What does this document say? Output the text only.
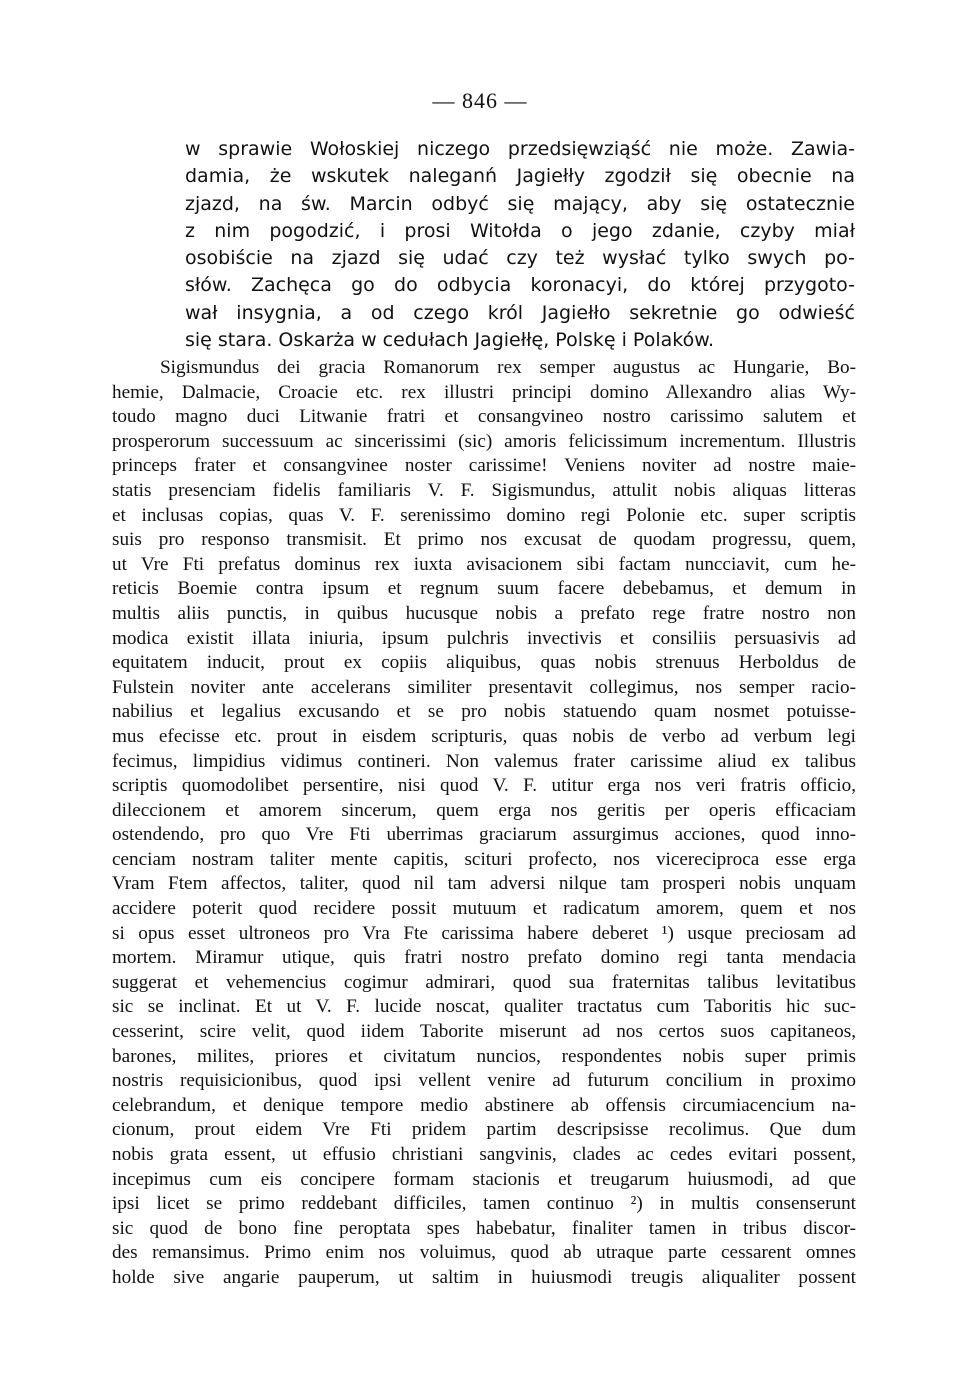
— 846 —
w sprawie Wołoskiej niczego przedsięwziąść nie może. Zawia-
damia, że wskutek naleganń Jagiełły zgodził się obecnie na
zjazd, na św. Marcin odbyć się mający, aby się ostatecznie
z nim pogodzić, i prosi Witołda o jego zdanie, czyby miał
osobiście na zjazd się udać czy też wysłać tylko swych po-
słów. Zachęca go do odbycia koronacyi, do której przygoto-
wał insygnia, a od czego król Jagiełło sekretnie go odwieść
się stara. Oskarża w cedułach Jagiełłę, Polskę i Polaków.
Sigismundus dei gracia Romanorum rex semper augustus ac Hungarie, Bo-
hemie, Dalmacie, Croacie etc. rex illustri principi domino Allexandro alias Wy-
toudo magno duci Litwanie fratri et consangvineo nostro carissimo salutem et
prosperorum successuum ac sincerissimi (sic) amoris felicissimum incrementum. Illustris
princeps frater et consangvinee noster carissime! Veniens noviter ad nostre maie-
statis presenciam fidelis familiaris V. F. Sigismundus, attulit nobis aliquas litteras
et inclusas copias, quas V. F. serenissimo domino regi Polonie etc. super scriptis
suis pro responso transmisit. Et primo nos excusat de quodam progressu, quem,
ut Vre Fti prefatus dominus rex iuxta avisacionem sibi factam nuncciavit, cum he-
reticis Boemie contra ipsum et regnum suum facere debebamus, et demum in
multis aliis punctis, in quibus hucusque nobis a prefato rege fratre nostro non
modica existit illata iniuria, ipsum pulchris invectivis et consiliis persuasivis ad
equitatem inducit, prout ex copiis aliquibus, quas nobis strenuus Herboldus de
Fulstein noviter ante accelerans similiter presentavit collegimus, nos semper racio-
nabilius et legalius excusando et se pro nobis statuendo quam nosmet potuisse-
mus efecisse etc. prout in eisdem scripturis, quas nobis de verbo ad verbum legi
fecimus, limpidius vidimus contineri. Non valemus frater carissime aliud ex talibus
scriptis quomodolibet persentire, nisi quod V. F. utitur erga nos veri fratris officio,
dileccionem et amorem sincerum, quem erga nos geritis per operis efficaciam
ostendendo, pro quo Vre Fti uberrimas graciarum assurgimus acciones, quod inno-
cenciam nostram taliter mente capitis, scituri profecto, nos vicereciproca esse erga
Vram Ftem affectos, taliter, quod nil tam adversi nilque tam prosperi nobis unquam
accidere poterit quod recidere possit mutuum et radicatum amorem, quem et nos
si opus esset ultroneos pro Vra Fte carissima habere deberet ¹) usque preciosam ad
mortem. Miramur utique, quis fratri nostro prefato domino regi tanta mendacia
suggerat et vehemencius cogimur admirari, quod sua fraternitas talibus levitatibus
sic se inclinat. Et ut V. F. lucide noscat, qualiter tractatus cum Taboritis hic suc-
cesserint, scire velit, quod iidem Taborite miserunt ad nos certos suos capitaneos,
barones, milites, priores et civitatum nuncios, respondentes nobis super primis
nostris requisicionibus, quod ipsi vellent venire ad futurum concilium in proximo
celebrandum, et denique tempore medio abstinere ab offensis circumiacencium na-
cionum, prout eidem Vre Fti pridem partim descripsisse recolimus. Que dum
nobis grata essent, ut effusio christiani sangvinis, clades ac cedes evitari possent,
incepimus cum eis concipere formam stacionis et treugarum huiusmodi, ad que
ipsi licet se primo reddebant difficiles, tamen continuo ²) in multis consenserunt
sic quod de bono fine peroptata spes habebatur, finaliter tamen in tribus discor-
des remansimus. Primo enim nos voluimus, quod ab utraque parte cessarent omnes
holde sive angarie pauperum, ut saltim in huiusmodi treugis aliqualiter possent
